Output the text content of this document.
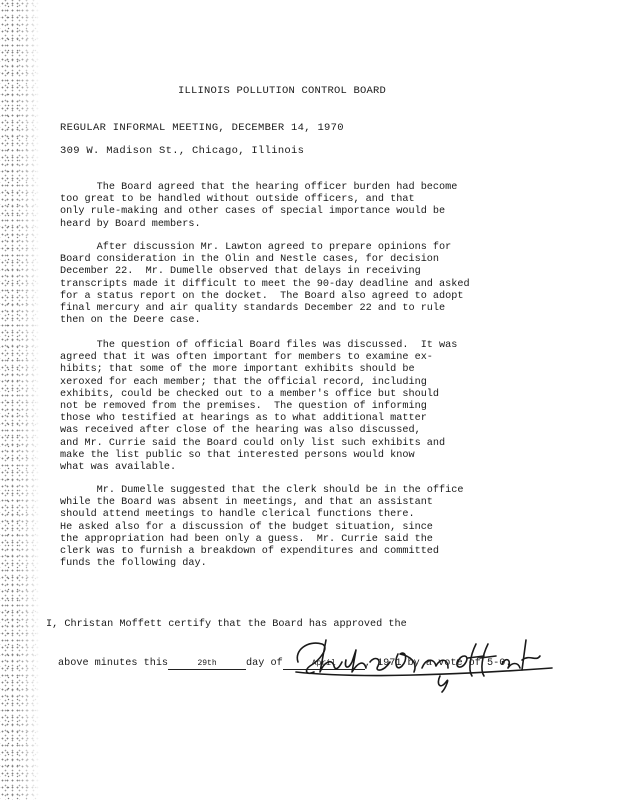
ILLINOIS POLLUTION CONTROL BOARD
REGULAR INFORMAL MEETING, DECEMBER 14, 1970
309 W. Madison St., Chicago, Illinois
The Board agreed that the hearing officer burden had become
too great to be handled without outside officers, and that
only rule-making and other cases of special importance would be
heard by Board members.
After discussion Mr. Lawton agreed to prepare opinions for
Board consideration in the Olin and Nestle cases, for decision
December 22.  Mr. Dumelle observed that delays in receiving
transcripts made it difficult to meet the 90-day deadline and asked
for a status report on the docket.  The Board also agreed to adopt
final mercury and air quality standards December 22 and to rule
then on the Deere case.
The question of official Board files was discussed.  It was
agreed that it was often important for members to examine ex-
hibits; that some of the more important exhibits should be
xeroxed for each member; that the official record, including
exhibits, could be checked out to a member's office but should
not be removed from the premises.  The question of informing
those who testified at hearings as to what additional matter
was received after close of the hearing was also discussed,
and Mr. Currie said the Board could only list such exhibits and
make the list public so that interested persons would know
what was available.
Mr. Dumelle suggested that the clerk should be in the office
while the Board was absent in meetings, and that an assistant
should attend meetings to handle clerical functions there.
He asked also for a discussion of the budget situation, since
the appropriation had been only a guess.  Mr. Currie said the
clerk was to furnish a breakdown of expenditures and committed
funds the following day.

I, Christan Moffett certify that the Board has approved the

above minutes this	29th	day of	April	, 1971 by a vote of 5-0.
